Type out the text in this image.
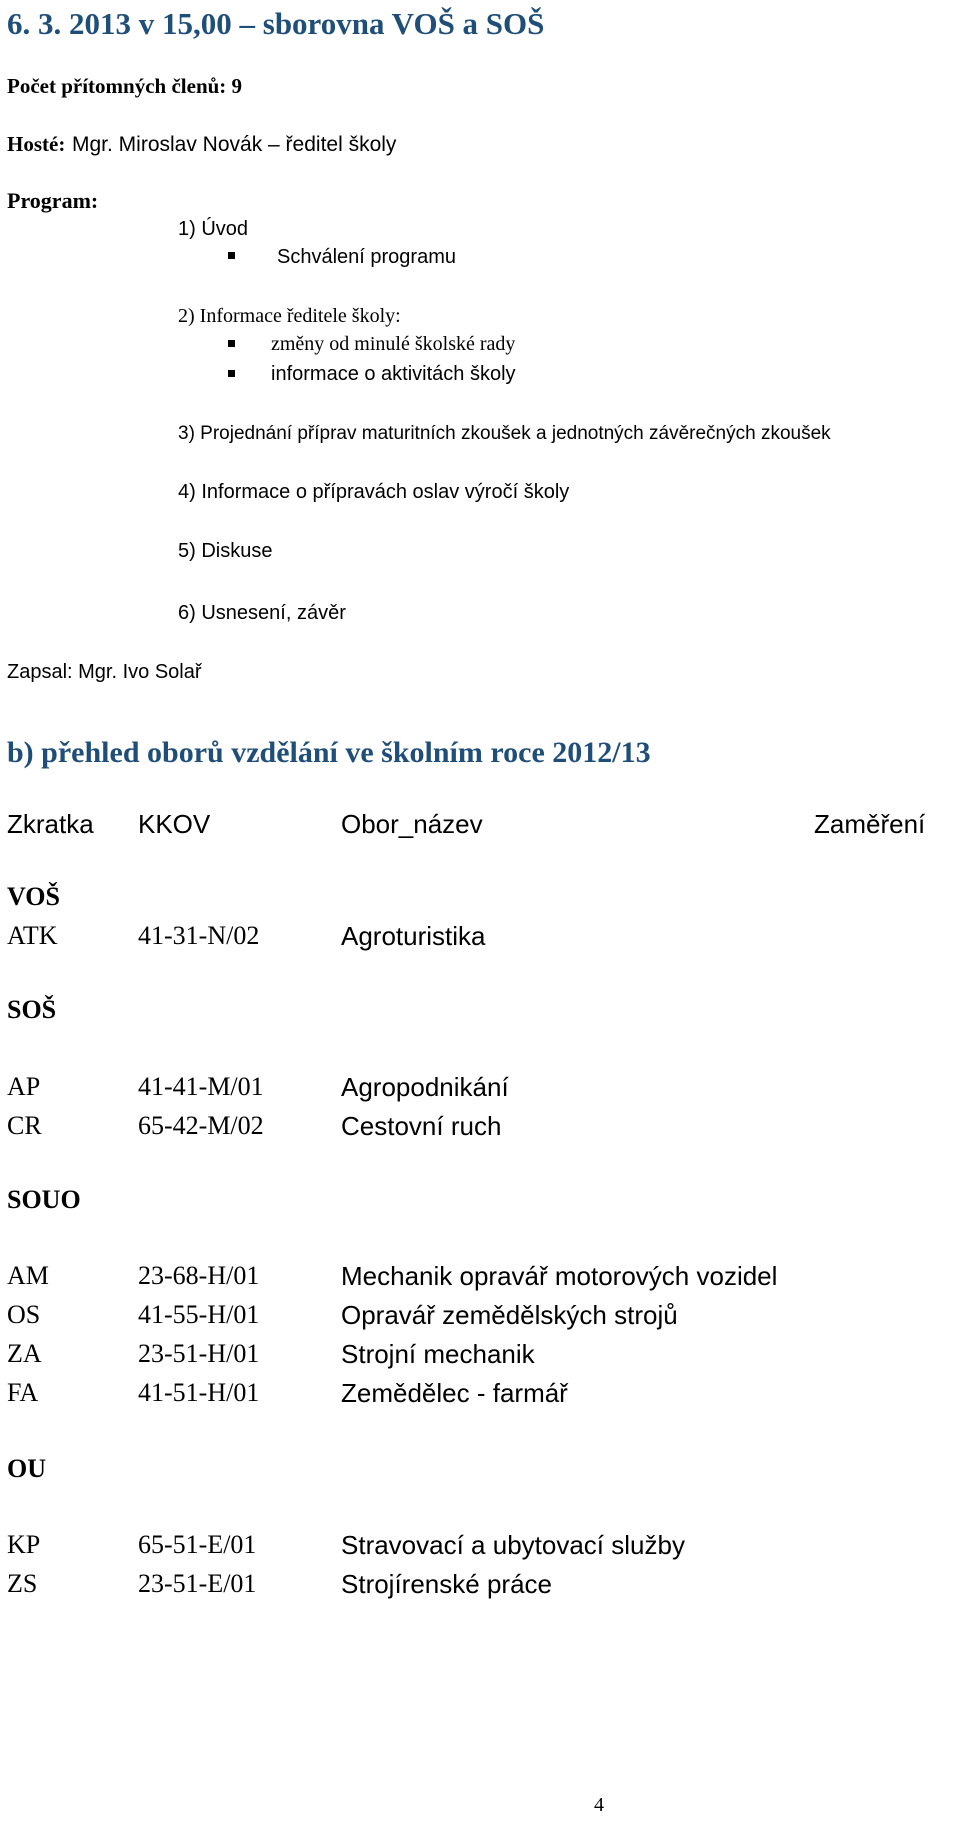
6. 3. 2013 v 15,00 – sborovna VOŠ a SOŠ
Počet přítomných členů: 9
Hosté: Mgr. Miroslav Novák – ředitel školy
Program:
1) Úvod
Schválení programu
2) Informace ředitele školy:
změny od minulé školské rady
informace o aktivitách školy
3) Projednání příprav maturitních zkoušek a jednotných závěrečných zkoušek
4) Informace o přípravách oslav výročí školy
5) Diskuse
6) Usnesení, závěr
Zapsal: Mgr. Ivo Solař
b) přehled oborů vzdělání ve školním roce 2012/13
Zkratka KKOV	Obor_název	Zaměření
VOŠ
ATK	41-31-N/02	Agroturistika
SOŠ
AP	41-41-M/01	Agropodnikání
CR	65-42-M/02	Cestovní ruch
SOUO
AM	23-68-H/01	Mechanik opravář motorových vozidel
OS	41-55-H/01	Opravář zemědělských strojů
ZA	23-51-H/01	Strojní mechanik
FA	41-51-H/01	Zemědělec - farmář
OU
KP	65-51-E/01	Stravovací a ubytovací služby
ZS	23-51-E/01	Strojírenské práce
4
